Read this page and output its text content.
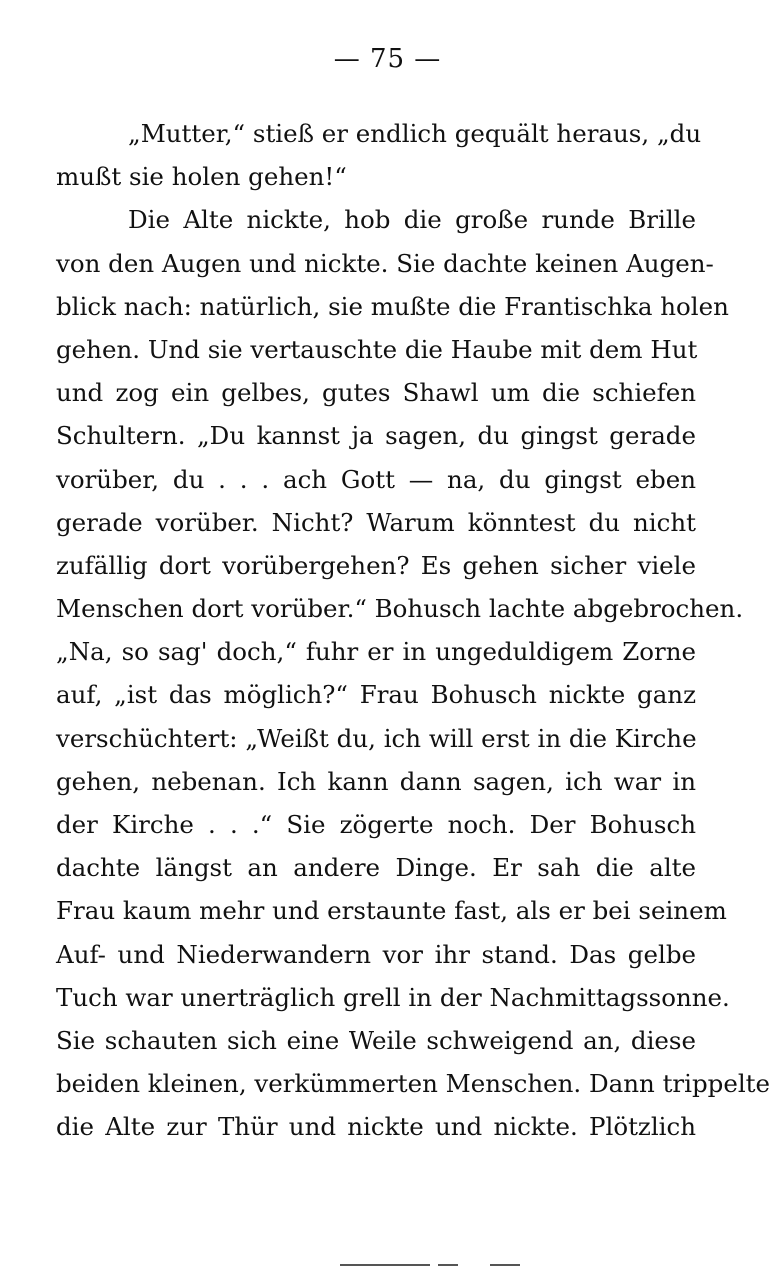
— 75 —
„Mutter,“ stieß er endlich gequält heraus, „du
mußt sie holen gehen!“
Die Alte nickte, hob die große runde Brille
von den Augen und nickte. Sie dachte keinen Augen-
blick nach: natürlich, sie mußte die Frantischka holen
gehen. Und sie vertauschte die Haube mit dem Hut
und zog ein gelbes, gutes Shawl um die schiefen
Schultern. „Du kannst ja sagen, du gingst gerade
vorüber, du . . . ach Gott — na, du gingst eben
gerade vorüber. Nicht? Warum könntest du nicht
zufällig dort vorübergehen? Es gehen sicher viele
Menschen dort vorüber.“ Bohusch lachte abgebrochen.
„Na, so sag' doch,“ fuhr er in ungeduldigem Zorne
auf, „ist das möglich?“ Frau Bohusch nickte ganz
verschüchtert: „Weißt du, ich will erst in die Kirche
gehen, nebenan. Ich kann dann sagen, ich war in
der Kirche . . .“ Sie zögerte noch. Der Bohusch
dachte längst an andere Dinge. Er sah die alte
Frau kaum mehr und erstaunte fast, als er bei seinem
Auf- und Niederwandern vor ihr stand. Das gelbe
Tuch war unerträglich grell in der Nachmittagssonne.
Sie schauten sich eine Weile schweigend an, diese
beiden kleinen, verkümmerten Menschen. Dann trippelte
die Alte zur Thür und nickte und nickte. Plötzlich
